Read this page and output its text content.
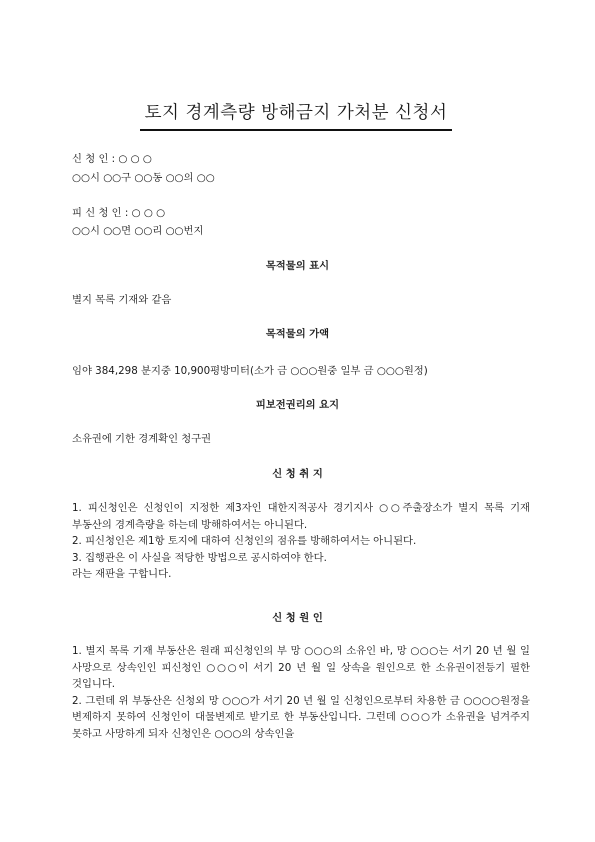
토지 경계측량 방해금지 가처분 신청서
신 청 인 : ○ ○ ○
○○시 ○○구 ○○동 ○○의 ○○
피 신 청 인 : ○ ○ ○
○○시 ○○면 ○○리 ○○번지
목적물의 표시
별지 목록 기재와 같음
목적물의 가액
임야 384,298 분지중 10,900평방미터(소가 금 ○○○원중 일부 금 ○○○원정)
피보전권리의 요지
소유권에 기한 경계확인 청구권
신 청 취 지

1. 피신청인은 신청인이 지정한 제3자인 대한지적공사 경기지사 ○○주출장소가 별지 목록 기재 부동산의 경계측량을 하는데 방해하여서는 아니된다.

2. 피신청인은 제1항 토지에 대하여 신청인의 점유를 방해하여서는 아니된다.

3. 집행관은 이 사실을 적당한 방법으로 공시하여야 한다.

라는 재판을 구합니다.

신 청 원 인

1. 별지 목록 기재 부동산은 원래 피신청인의 부 망 ○○○의 소유인 바, 망 ○○○는 서기 20 년 월 일 사망으로 상속인인 피신청인 ○○○이 서기 20 년 월 일 상속을 원인으로 한 소유권이전등기 필한 것입니다.

2. 그런데 위 부동산은 신청외 망 ○○○가 서기 20 년 월 일 신청인으로부터 차용한 금 ○○○○원정을 변제하지 못하여 신청인이 대물변제로 받기로 한 부동산입니다. 그런데 ○○○가 소유권을 넘겨주지 못하고 사망하게 되자 신청인은 ○○○의 상속인을
